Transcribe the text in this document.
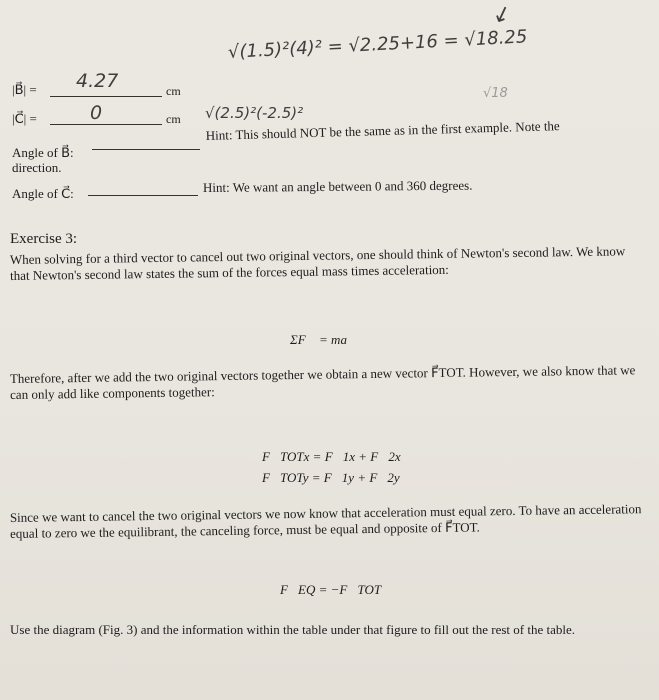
↙
√(1.5)²(4)² = √2.25+16 = √18.25
|B⃗| = 4.27	cm	√18
|C⃗| =	0	cm √(2.5)²(-2.5)²
Angle of B⃗:
direction.
Hint: This should NOT be the same as in the first example. Note the
Angle of C⃗:	Hint: We want an angle between 0 and 360 degrees.
Exercise 3:
When solving for a third vector to cancel out two original vectors, one should think of Newton's second law. We know that Newton's second law states the sum of the forces equal mass times acceleration:
ΣF⃗ = ma⃗
Therefore, after we add the two original vectors together we obtain a new vector F⃗TOT. However, we also know that we can only add like components together:
F⃗TOTx = F⃗1x + F⃗2x
F⃗TOTy = F⃗1y + F⃗2y
Since we want to cancel the two original vectors we now know that acceleration must equal zero. To have an acceleration equal to zero we the equilibrant, the canceling force, must be equal and opposite of F⃗TOT.
F⃗EQ = −F⃗TOT
Use the diagram (Fig. 3) and the information within the table under that figure to fill out the rest of the table.
